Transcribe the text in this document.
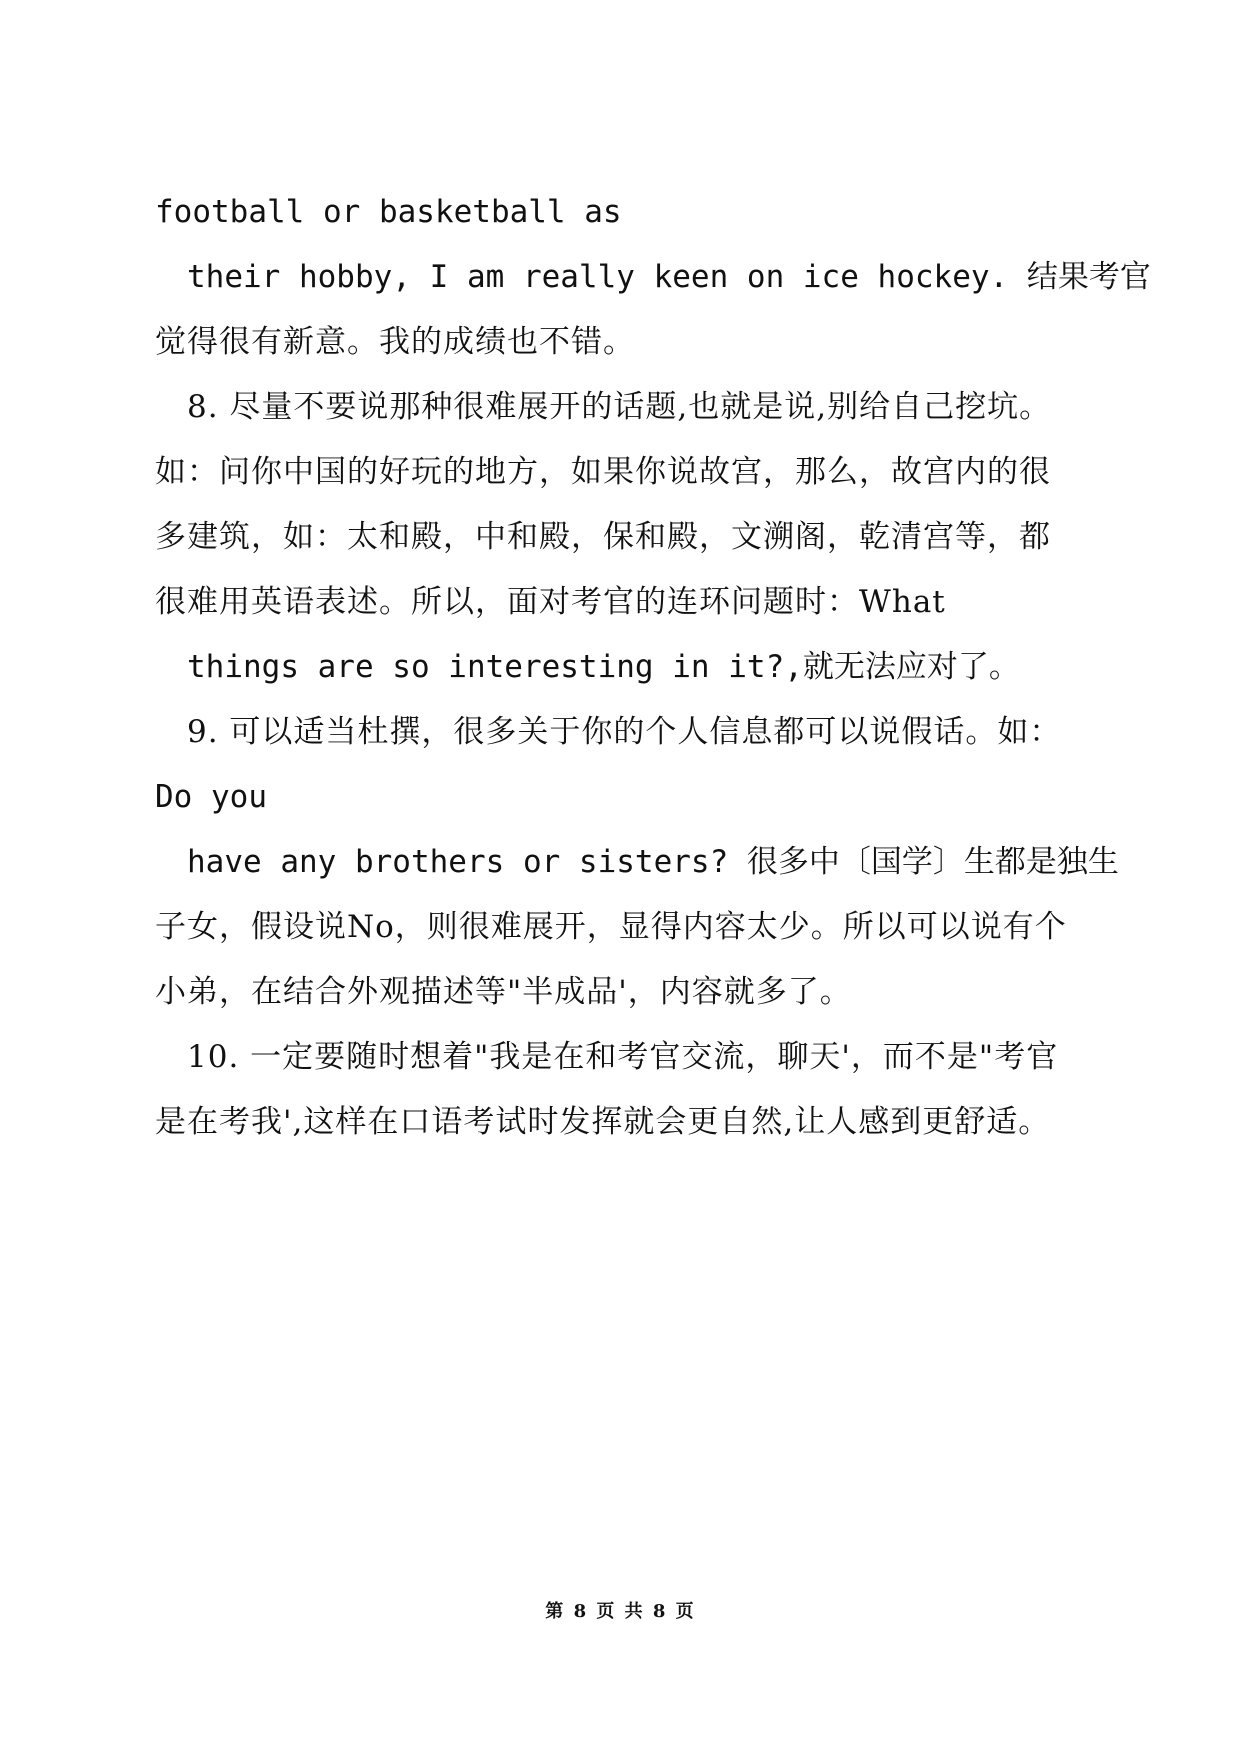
football or basketball as
their hobby, I am really keen on ice hockey. 结果考官
觉得很有新意。我的成绩也不错。
8. 尽量不要说那种很难展开的话题,也就是说,别给自己挖坑。
如：问你中国的好玩的地方，如果你说故宫，那么，故宫内的很
多建筑，如：太和殿，中和殿，保和殿，文溯阁，乾清宫等，都
很难用英语表述。所以，面对考官的连环问题时：What
things are so interesting in it?,就无法应对了。
9. 可以适当杜撰，很多关于你的个人信息都可以说假话。如：
Do you
have any brothers or sisters? 很多中〔国学〕生都是独生
子女，假设说No，则很难展开，显得内容太少。所以可以说有个
小弟，在结合外观描述等"半成品'，内容就多了。
10. 一定要随时想着"我是在和考官交流，聊天'，而不是"考官
是在考我',这样在口语考试时发挥就会更自然,让人感到更舒适。
第 8 页 共 8 页
